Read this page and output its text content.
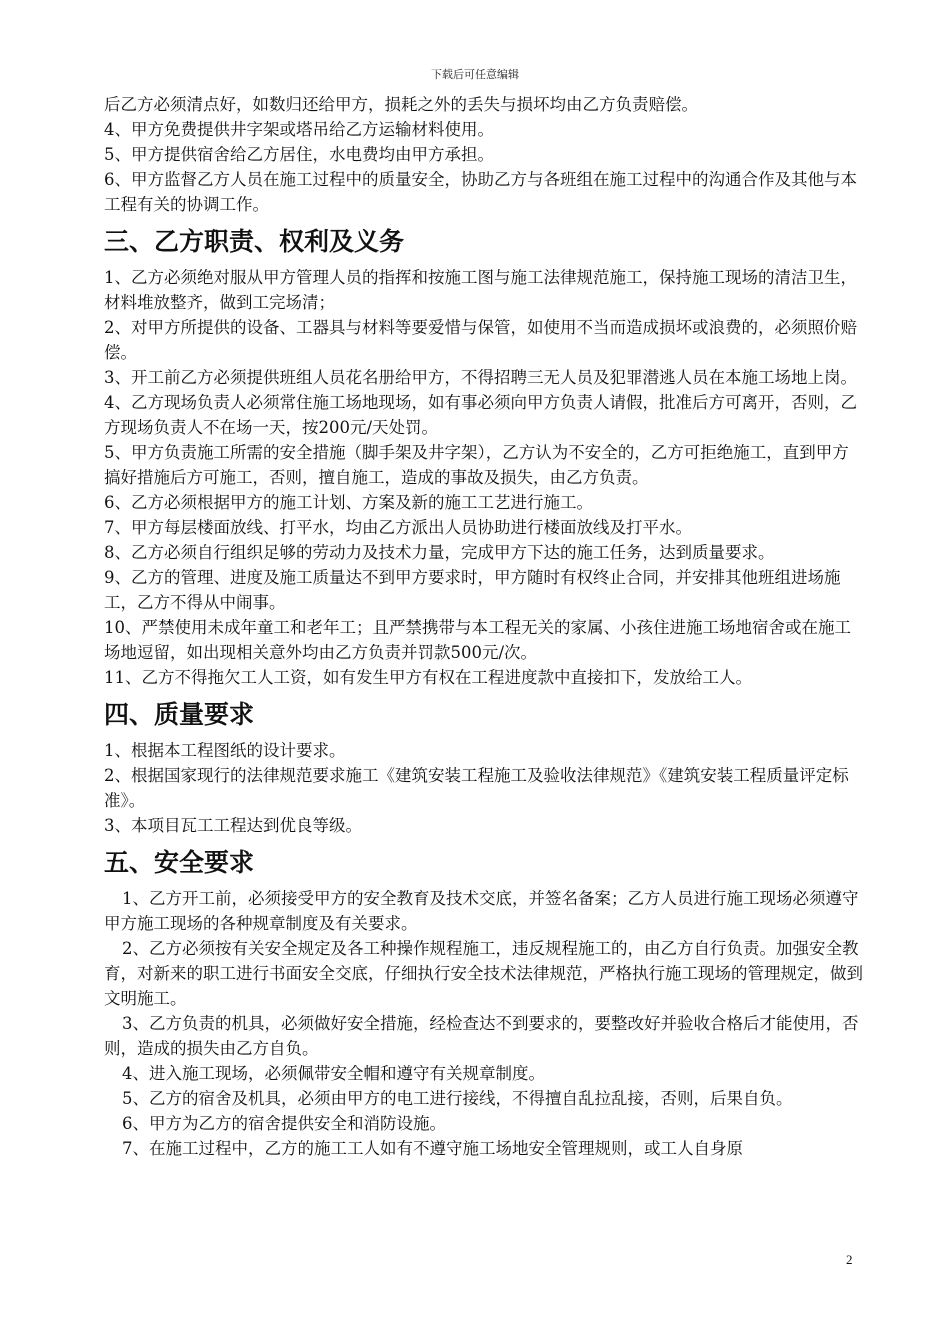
下载后可任意编辑
后乙方必须清点好，如数归还给甲方，损耗之外的丢失与损坏均由乙方负责赔偿。
4、甲方免费提供井字架或塔吊给乙方运输材料使用。
5、甲方提供宿舍给乙方居住，水电费均由甲方承担。
6、甲方监督乙方人员在施工过程中的质量安全，协助乙方与各班组在施工过程中的沟通合作及其他与本工程有关的协调工作。
三、乙方职责、权利及义务
1、乙方必须绝对服从甲方管理人员的指挥和按施工图与施工法律规范施工，保持施工现场的清洁卫生，材料堆放整齐，做到工完场清；
2、对甲方所提供的设备、工器具与材料等要爱惜与保管，如使用不当而造成损坏或浪费的，必须照价赔偿。
3、开工前乙方必须提供班组人员花名册给甲方，不得招聘三无人员及犯罪潜逃人员在本施工场地上岗。
4、乙方现场负责人必须常住施工场地现场，如有事必须向甲方负责人请假，批准后方可离开，否则，乙方现场负责人不在场一天，按200元/天处罚。
5、甲方负责施工所需的安全措施（脚手架及井字架），乙方认为不安全的，乙方可拒绝施工，直到甲方搞好措施后方可施工，否则，擅自施工，造成的事故及损失，由乙方负责。
6、乙方必须根据甲方的施工计划、方案及新的施工工艺进行施工。
7、甲方每层楼面放线、打平水，均由乙方派出人员协助进行楼面放线及打平水。
8、乙方必须自行组织足够的劳动力及技术力量，完成甲方下达的施工任务，达到质量要求。
9、乙方的管理、进度及施工质量达不到甲方要求时，甲方随时有权终止合同，并安排其他班组进场施工，乙方不得从中闹事。
10、严禁使用未成年童工和老年工；且严禁携带与本工程无关的家属、小孩住进施工场地宿舍或在施工场地逗留，如出现相关意外均由乙方负责并罚款500元/次。
11、乙方不得拖欠工人工资，如有发生甲方有权在工程进度款中直接扣下，发放给工人。
四、质量要求
1、根据本工程图纸的设计要求。
2、根据国家现行的法律规范要求施工《建筑安装工程施工及验收法律规范》《建筑安装工程质量评定标准》。
3、本项目瓦工工程达到优良等级。
五、安全要求
1、乙方开工前，必须接受甲方的安全教育及技术交底，并签名备案；乙方人员进行施工现场必须遵守甲方施工现场的各种规章制度及有关要求。
2、乙方必须按有关安全规定及各工种操作规程施工，违反规程施工的，由乙方自行负责。加强安全教育，对新来的职工进行书面安全交底，仔细执行安全技术法律规范，严格执行施工现场的管理规定，做到文明施工。
3、乙方负责的机具，必须做好安全措施，经检查达不到要求的，要整改好并验收合格后才能使用，否则，造成的损失由乙方自负。
4、进入施工现场，必须佩带安全帽和遵守有关规章制度。
5、乙方的宿舍及机具，必须由甲方的电工进行接线，不得擅自乱拉乱接，否则，后果自负。
6、甲方为乙方的宿舍提供安全和消防设施。
7、在施工过程中，乙方的施工工人如有不遵守施工场地安全管理规则，或工人自身原
2
